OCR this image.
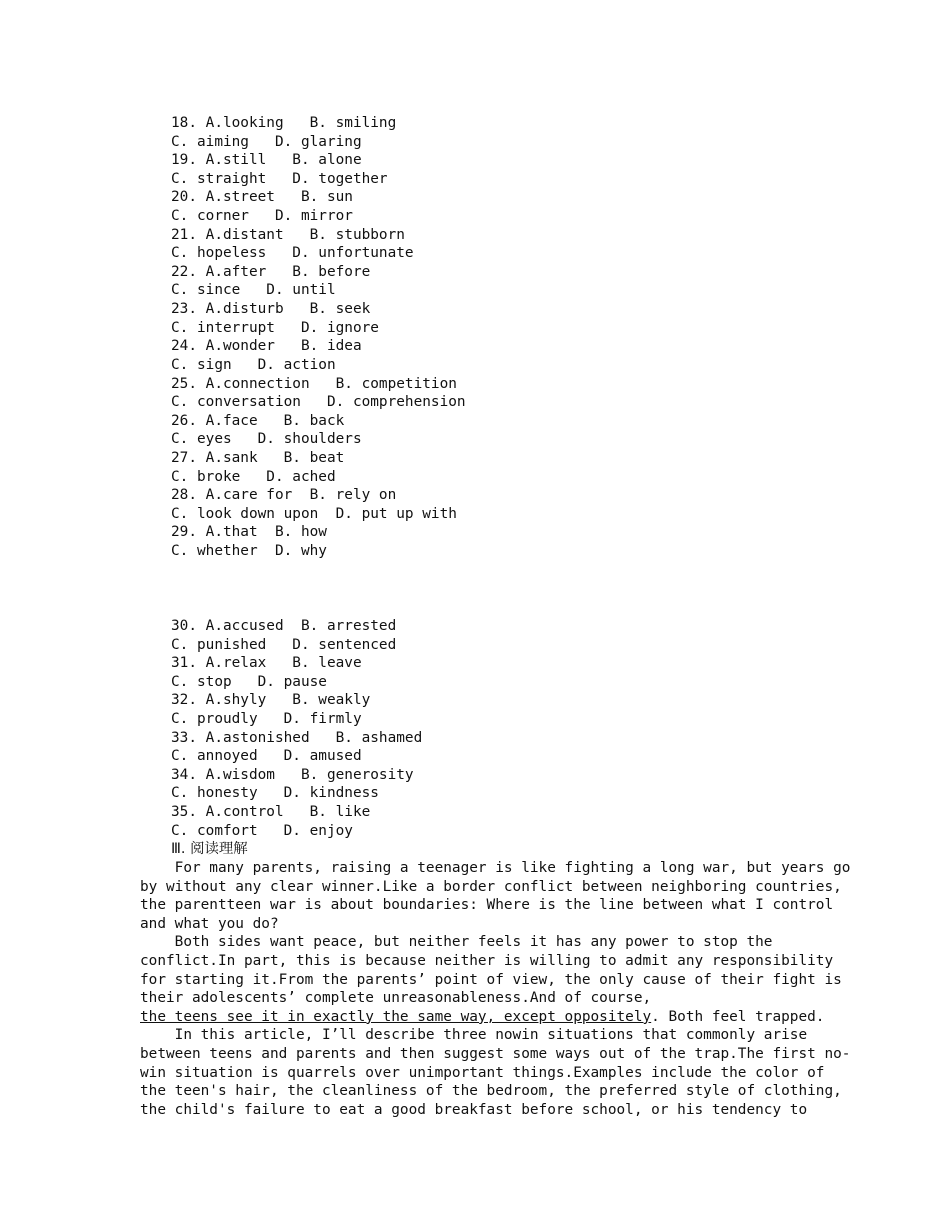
18. A.looking   B. smiling
C. aiming   D. glaring
19. A.still   B. alone
C. straight   D. together
20. A.street   B. sun
C. corner   D. mirror
21. A.distant   B. stubborn
C. hopeless   D. unfortunate
22. A.after   B. before
C. since   D. until
23. A.disturb   B. seek
C. interrupt   D. ignore
24. A.wonder   B. idea
C. sign   D. action
25. A.connection   B. competition
C. conversation   D. comprehension
26. A.face   B. back
C. eyes   D. shoulders
27. A.sank   B. beat
C. broke   D. ached
28. A.care for  B. rely on
C. look down upon  D. put up with
29. A.that  B. how
C. whether  D. why
30. A.accused  B. arrested
C. punished   D. sentenced
31. A.relax   B. leave
C. stop   D. pause
32. A.shyly   B. weakly
C. proudly   D. firmly
33. A.astonished   B. ashamed
C. annoyed   D. amused
34. A.wisdom   B. generosity
C. honesty   D. kindness
35. A.control   B. like
C. comfort   D. enjoy
Ⅲ. 阅读理解
For many parents, raising a teenager is like fighting a long war, but years go
by without any clear winner.Like a border conflict between neighboring countries,
the parentteen war is about boundaries: Where is the line between what I control
and what you do?
Both sides want peace, but neither feels it has any power to stop the
conflict.In part, this is because neither is willing to admit any responsibility
for starting it.From the parents’ point of view, the only cause of their fight is
their adolescents’ complete unreasonableness.And of course,
the teens see it in exactly the same way, except oppositely. Both feel trapped.
In this article, I’ll describe three nowin situations that commonly arise
between teens and parents and then suggest some ways out of the trap.The first no-
win situation is quarrels over unimportant things.Examples include the color of
the teen's hair, the cleanliness of the bedroom, the preferred style of clothing,
the child's failure to eat a good breakfast before school, or his tendency to
